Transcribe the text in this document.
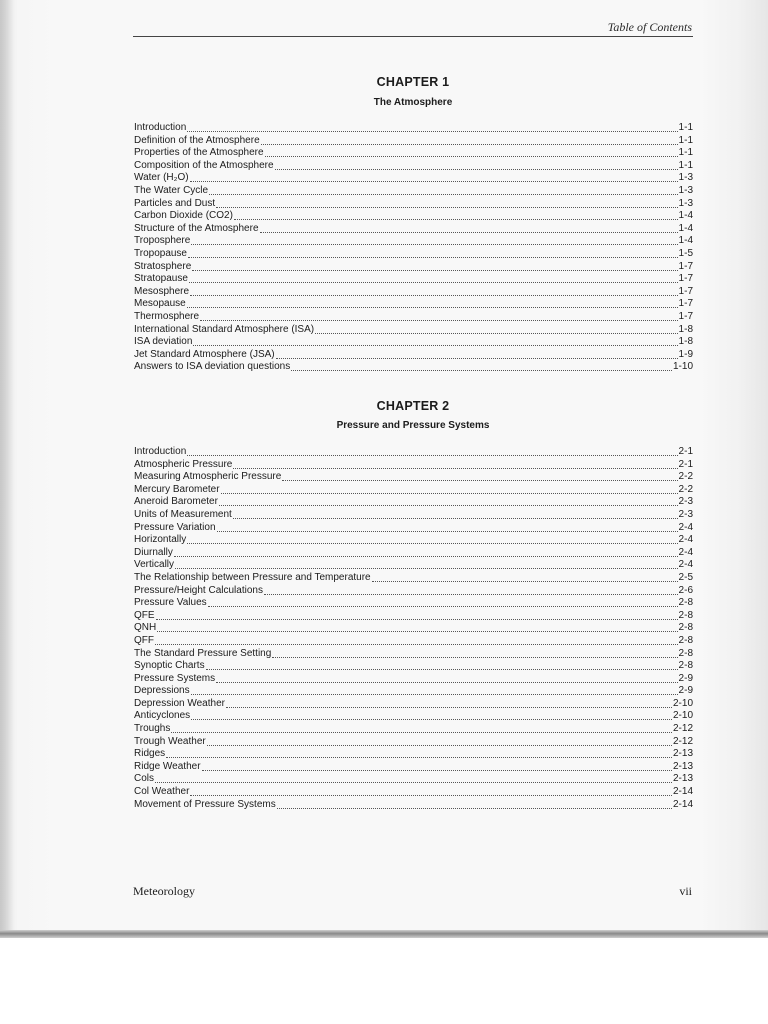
Table of Contents
CHAPTER 1
The Atmosphere
Introduction	1-1
Definition of the Atmosphere	1-1
Properties of the Atmosphere	1-1
Composition of the Atmosphere	1-1
Water (H₂O)	1-3
The Water Cycle	1-3
Particles and Dust	1-3
Carbon Dioxide (CO2)	1-4
Structure of the Atmosphere	1-4
Troposphere	1-4
Tropopause	1-5
Stratosphere	1-7
Stratopause	1-7
Mesosphere	1-7
Mesopause	1-7
Thermosphere	1-7
International Standard Atmosphere (ISA)	1-8
ISA deviation	1-8
Jet Standard Atmosphere (JSA)	1-9
Answers to ISA deviation questions	1-10
CHAPTER 2
Pressure and Pressure Systems
Introduction	2-1
Atmospheric Pressure	2-1
Measuring Atmospheric Pressure	2-2
Mercury Barometer	2-2
Aneroid Barometer	2-3
Units of Measurement	2-3
Pressure Variation	2-4
Horizontally	2-4
Diurnally	2-4
Vertically	2-4
The Relationship between Pressure and Temperature	2-5
Pressure/Height Calculations	2-6
Pressure Values	2-8
QFE	2-8
QNH	2-8
QFF	2-8
The Standard Pressure Setting	2-8
Synoptic Charts	2-8
Pressure Systems	2-9
Depressions	2-9
Depression Weather	2-10
Anticyclones	2-10
Troughs	2-12
Trough Weather	2-12
Ridges	2-13
Ridge Weather	2-13
Cols	2-13
Col Weather	2-14
Movement of Pressure Systems	2-14
Meteorology	vii
